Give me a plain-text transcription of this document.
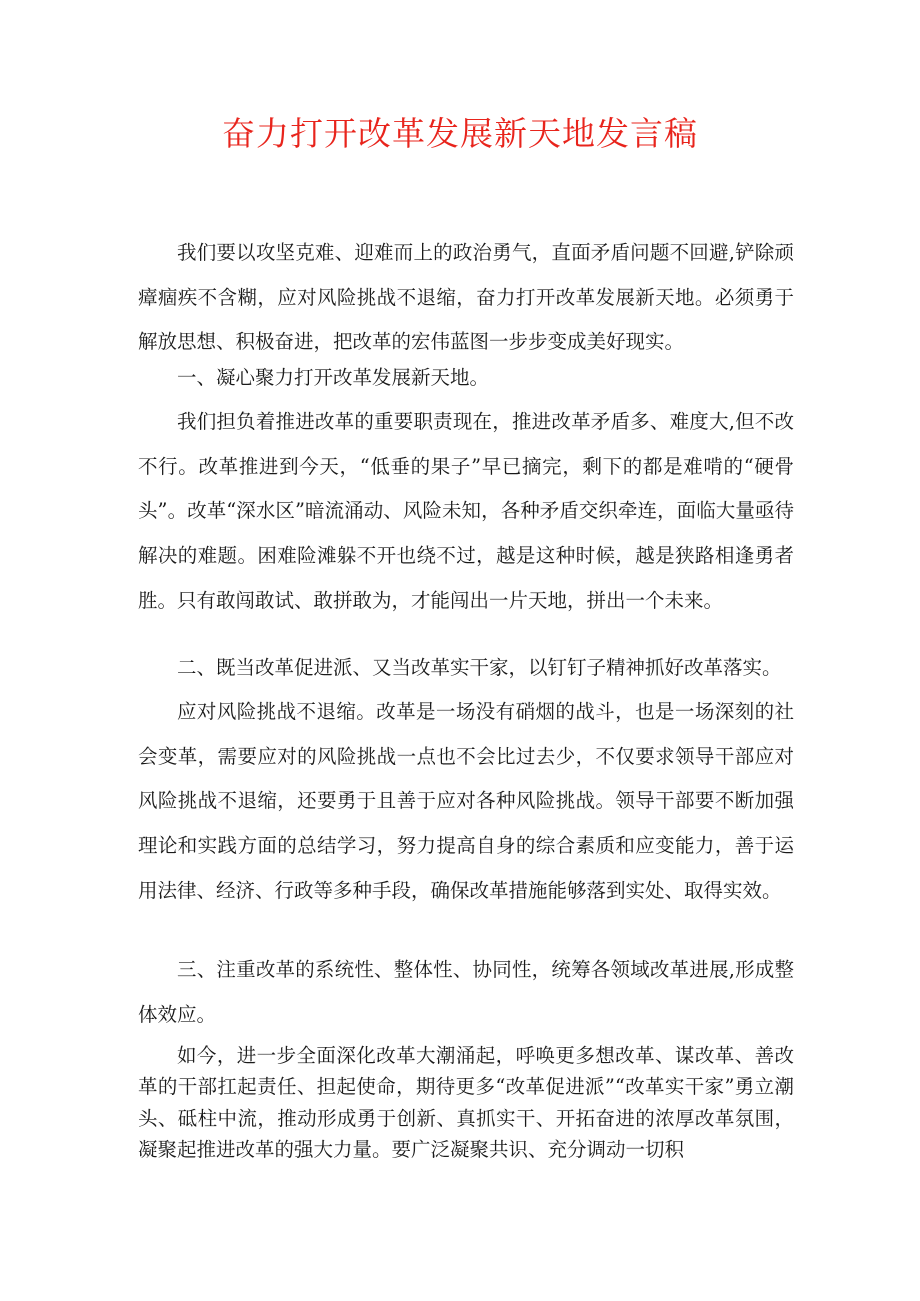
奋力打开改革发展新天地发言稿

我们要以攻坚克难、迎难而上的政治勇气，直面矛盾问题不回避,铲除顽瘴痼疾不含糊，应对风险挑战不退缩，奋力打开改革发展新天地。必须勇于解放思想、积极奋进，把改革的宏伟蓝图一步步变成美好现实。

一、凝心聚力打开改革发展新天地。

我们担负着推进改革的重要职责现在，推进改革矛盾多、难度大,但不改不行。改革推进到今天，“低垂的果子”早已摘完，剩下的都是难啃的“硬骨头”。改革“深水区”暗流涌动、风险未知，各种矛盾交织牵连，面临大量亟待解决的难题。困难险滩躲不开也绕不过，越是这种时候，越是狭路相逢勇者胜。只有敢闯敢试、敢拼敢为，才能闯出一片天地，拼出一个未来。

二、既当改革促进派、又当改革实干家，以钉钉子精神抓好改革落实。

应对风险挑战不退缩。改革是一场没有硝烟的战斗，也是一场深刻的社会变革，需要应对的风险挑战一点也不会比过去少，不仅要求领导干部应对风险挑战不退缩，还要勇于且善于应对各种风险挑战。领导干部要不断加强理论和实践方面的总结学习，努力提高自身的综合素质和应变能力，善于运用法律、经济、行政等多种手段，确保改革措施能够落到实处、取得实效。

三、注重改革的系统性、整体性、协同性，统筹各领域改革进展,形成整体效应。

如今，进一步全面深化改革大潮涌起，呼唤更多想改革、谋改革、善改革的干部扛起责任、担起使命，期待更多“改革促进派”“改革实干家”勇立潮头、砥柱中流，推动形成勇于创新、真抓实干、开拓奋进的浓厚改革氛围，凝聚起推进改革的强大力量。要广泛凝聚共识、充分调动一切积
